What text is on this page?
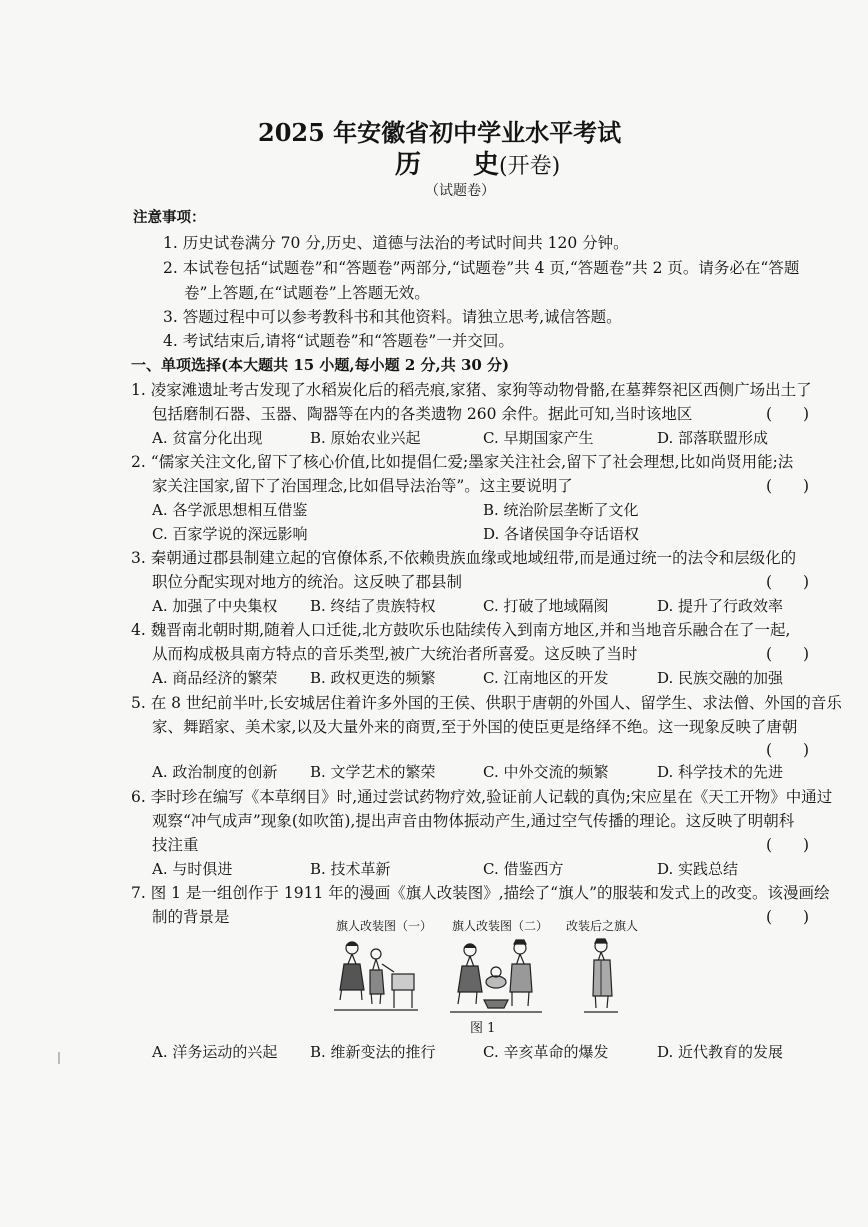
2025 年安徽省初中学业水平考试
历　　史(开卷)
（试题卷）
注意事项：
1. 历史试卷满分 70 分,历史、道德与法治的考试时间共 120 分钟。
2. 本试卷包括“试题卷”和“答题卷”两部分,“试题卷”共 4 页,“答题卷”共 2 页。请务必在“答题
卷”上答题,在“试题卷”上答题无效。
3. 答题过程中可以参考教科书和其他资料。请独立思考,诚信答题。
4. 考试结束后,请将“试题卷”和“答题卷”一并交回。
一、单项选择(本大题共 15 小题,每小题 2 分,共 30 分)
1. 凌家滩遗址考古发现了水稻炭化后的稻壳痕,家猪、家狗等动物骨骼,在墓葬祭祀区西侧广场出土了
包括磨制石器、玉器、陶器等在内的各类遗物 260 余件。据此可知,当时该地区	(　　)
A. 贫富分化出现	B. 原始农业兴起	C. 早期国家产生	D. 部落联盟形成
2. “儒家关注文化,留下了核心价值,比如提倡仁爱;墨家关注社会,留下了社会理想,比如尚贤用能;法
家关注国家,留下了治国理念,比如倡导法治等”。这主要说明了	(　　)
A. 各学派思想相互借鉴	B. 统治阶层垄断了文化
C. 百家学说的深远影响	D. 各诸侯国争夺话语权
3. 秦朝通过郡县制建立起的官僚体系,不依赖贵族血缘或地域纽带,而是通过统一的法令和层级化的
职位分配实现对地方的统治。这反映了郡县制	(　　)
A. 加强了中央集权 B. 终结了贵族特权	C. 打破了地域隔阂	D. 提升了行政效率
4. 魏晋南北朝时期,随着人口迁徙,北方鼓吹乐也陆续传入到南方地区,并和当地音乐融合在了一起,
从而构成极具南方特点的音乐类型,被广大统治者所喜爱。这反映了当时	(　　)
A. 商品经济的繁荣 B. 政权更迭的频繁	C. 江南地区的开发	D. 民族交融的加强
5. 在 8 世纪前半叶,长安城居住着许多外国的王侯、供职于唐朝的外国人、留学生、求法僧、外国的音乐
家、舞蹈家、美术家,以及大量外来的商贾,至于外国的使臣更是络绎不绝。这一现象反映了唐朝
(　　)
A. 政治制度的创新 B. 文学艺术的繁荣	C. 中外交流的频繁	D. 科学技术的先进
6. 李时珍在编写《本草纲目》时,通过尝试药物疗效,验证前人记载的真伪;宋应星在《天工开物》中通过
观察“冲气成声”现象(如吹笛),提出声音由物体振动产生,通过空气传播的理论。这反映了明朝科
技注重	(　　)
A. 与时俱进	B. 技术革新	C. 借鉴西方	D. 实践总结
7. 图 1 是一组创作于 1911 年的漫画《旗人改装图》,描绘了“旗人”的服装和发式上的改变。该漫画绘
制的背景是	(　　)
旗人改装图（一） 旗人改装图（二） 改装后之旗人
图 1
A. 洋务运动的兴起 B. 维新变法的推行	C. 辛亥革命的爆发	D. 近代教育的发展
